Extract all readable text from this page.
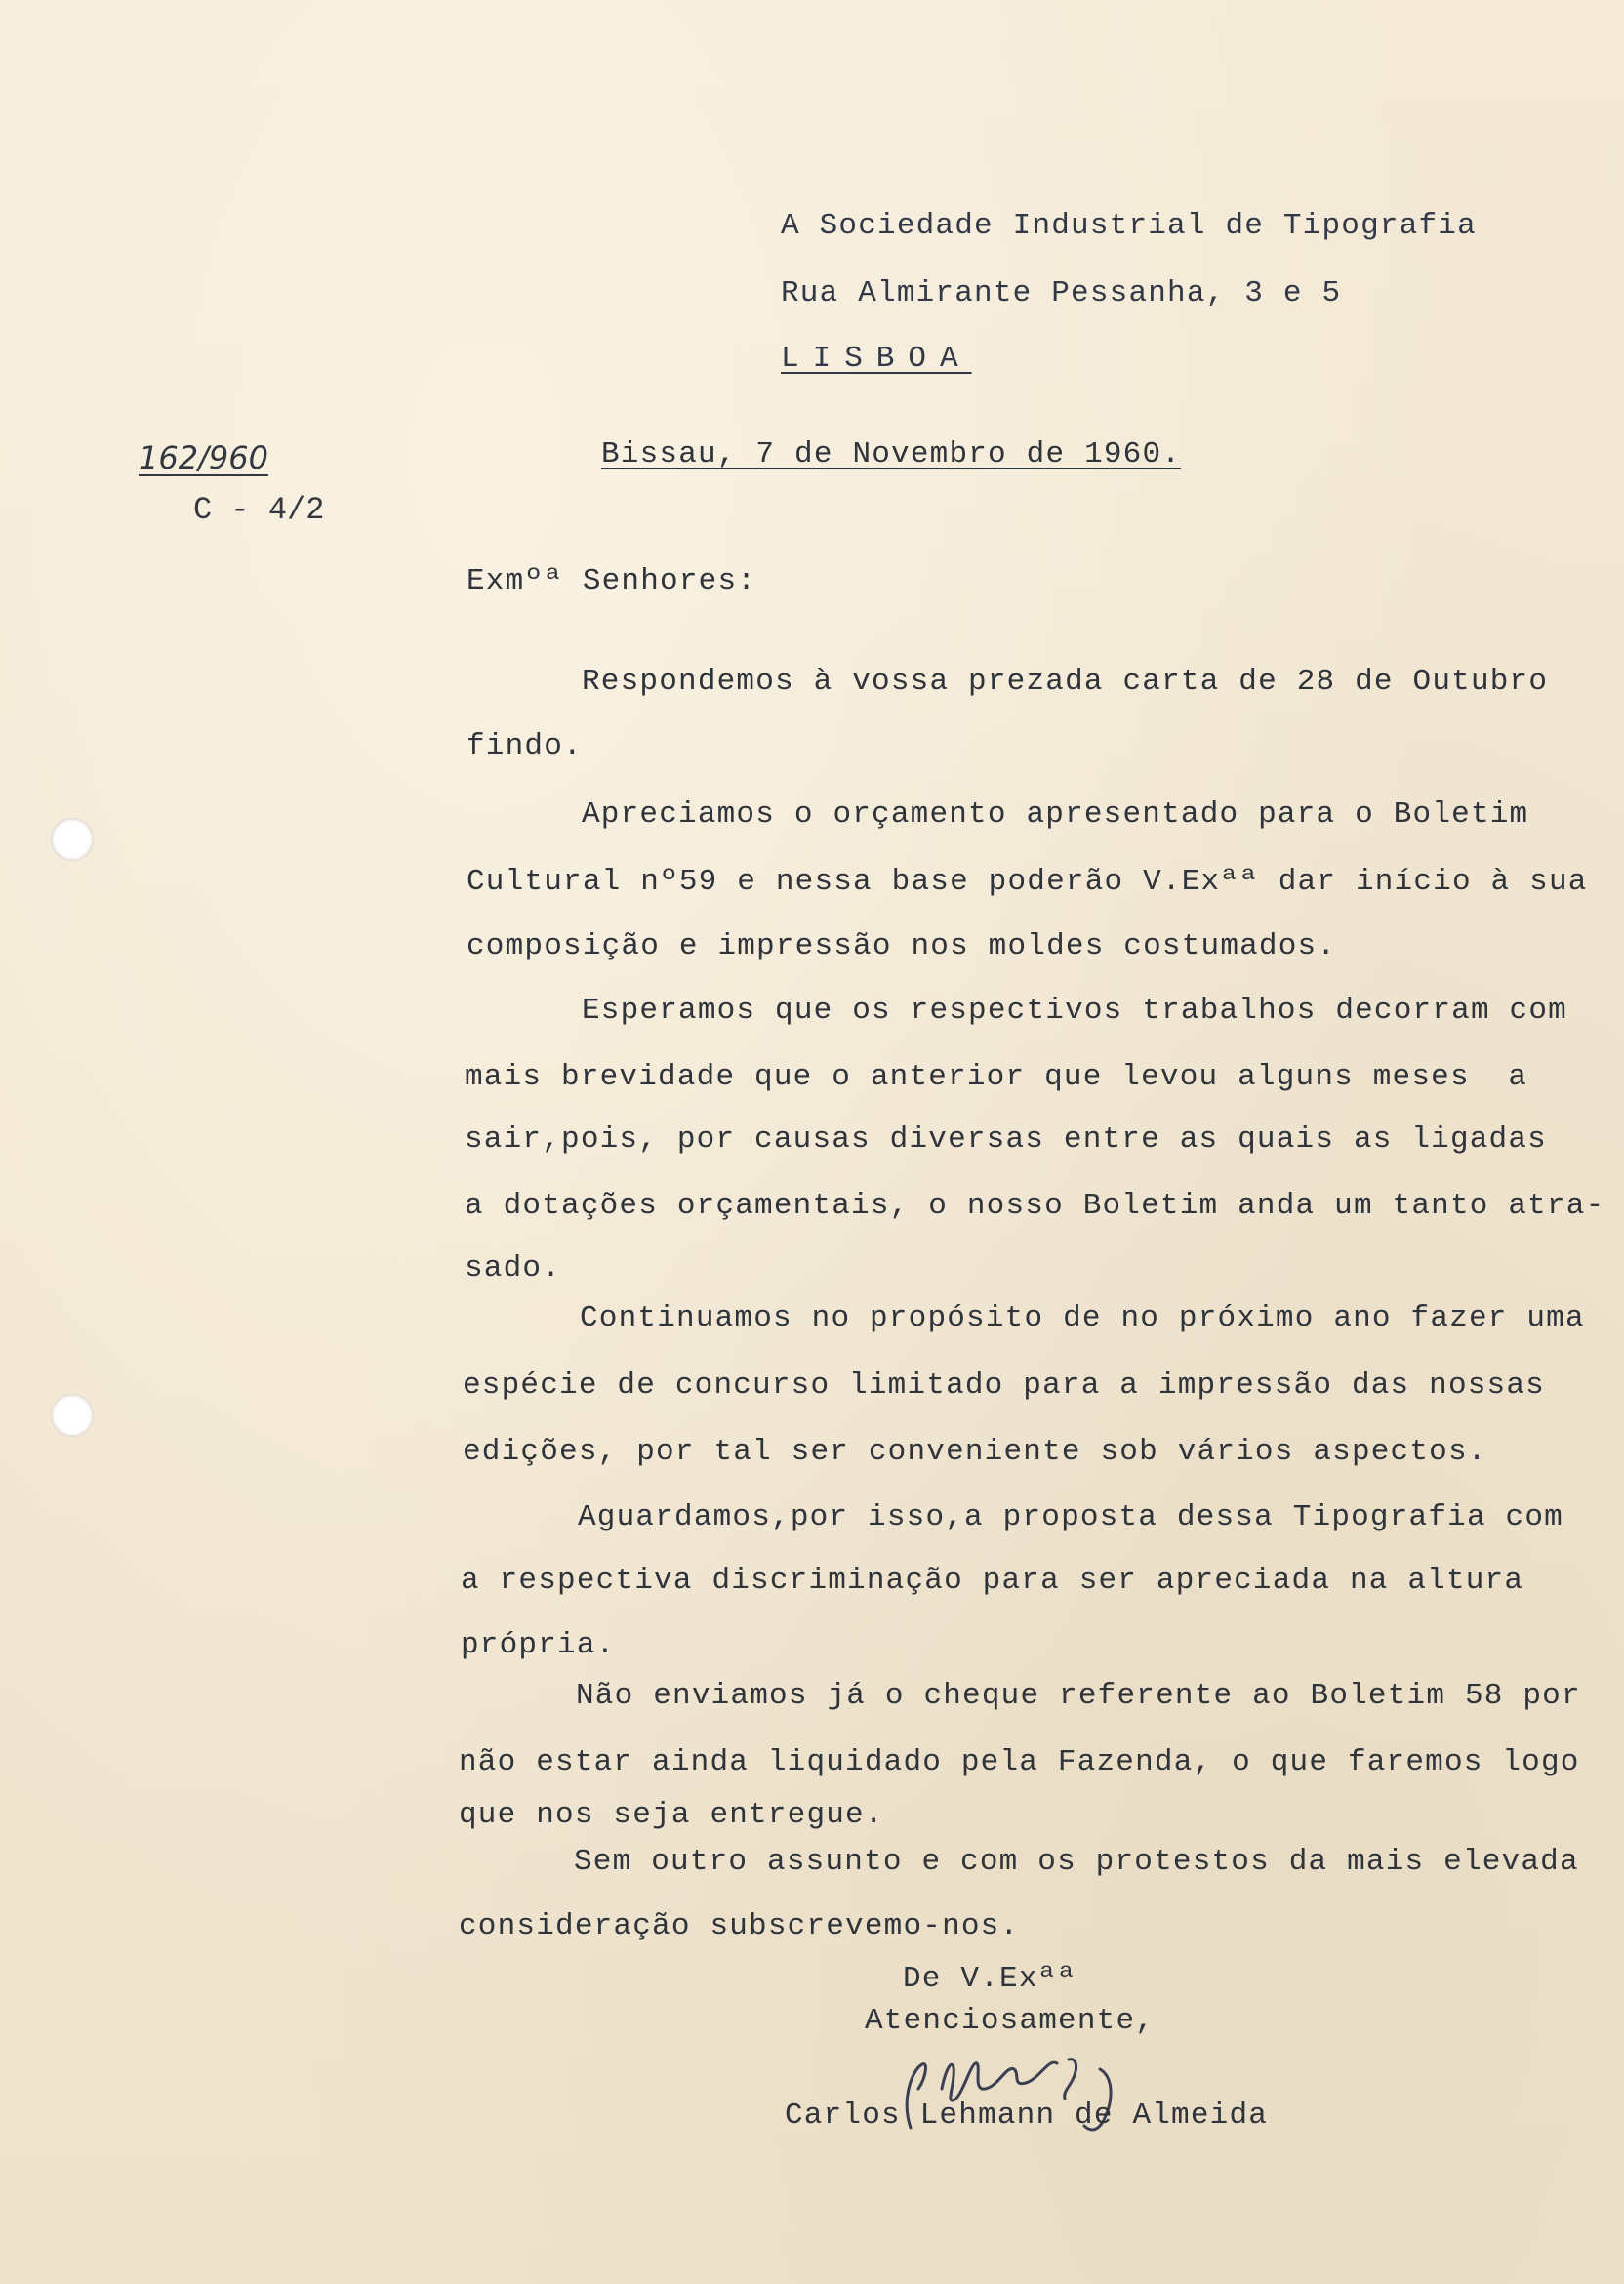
A Sociedade Industrial de Tipografia
Rua Almirante Pessanha, 3 e 5
LISBOA
162/960
C - 4/2
Bissau, 7 de Novembro de 1960.
Exmºª Senhores:
Respondemos à vossa prezada carta de 28 de Outubro
findo.
Apreciamos o orçamento apresentado para o Boletim
Cultural nº59 e nessa base poderão V.Exªª dar início à sua
composição e impressão nos moldes costumados.
Esperamos que os respectivos trabalhos decorram com
mais brevidade que o anterior que levou alguns meses  a
sair,pois, por causas diversas entre as quais as ligadas
a dotações orçamentais, o nosso Boletim anda um tanto atra-
sado.
Continuamos no propósito de no próximo ano fazer uma
espécie de concurso limitado para a impressão das nossas
edições, por tal ser conveniente sob vários aspectos.
Aguardamos,por isso,a proposta dessa Tipografia com
a respectiva discriminação para ser apreciada na altura
própria.
Não enviamos já o cheque referente ao Boletim 58 por
não estar ainda liquidado pela Fazenda, o que faremos logo
que nos seja entregue.
Sem outro assunto e com os protestos da mais elevada
consideração subscrevemo-nos.
De V.Exªª
Atenciosamente,
Carlos Lehmann de Almeida
